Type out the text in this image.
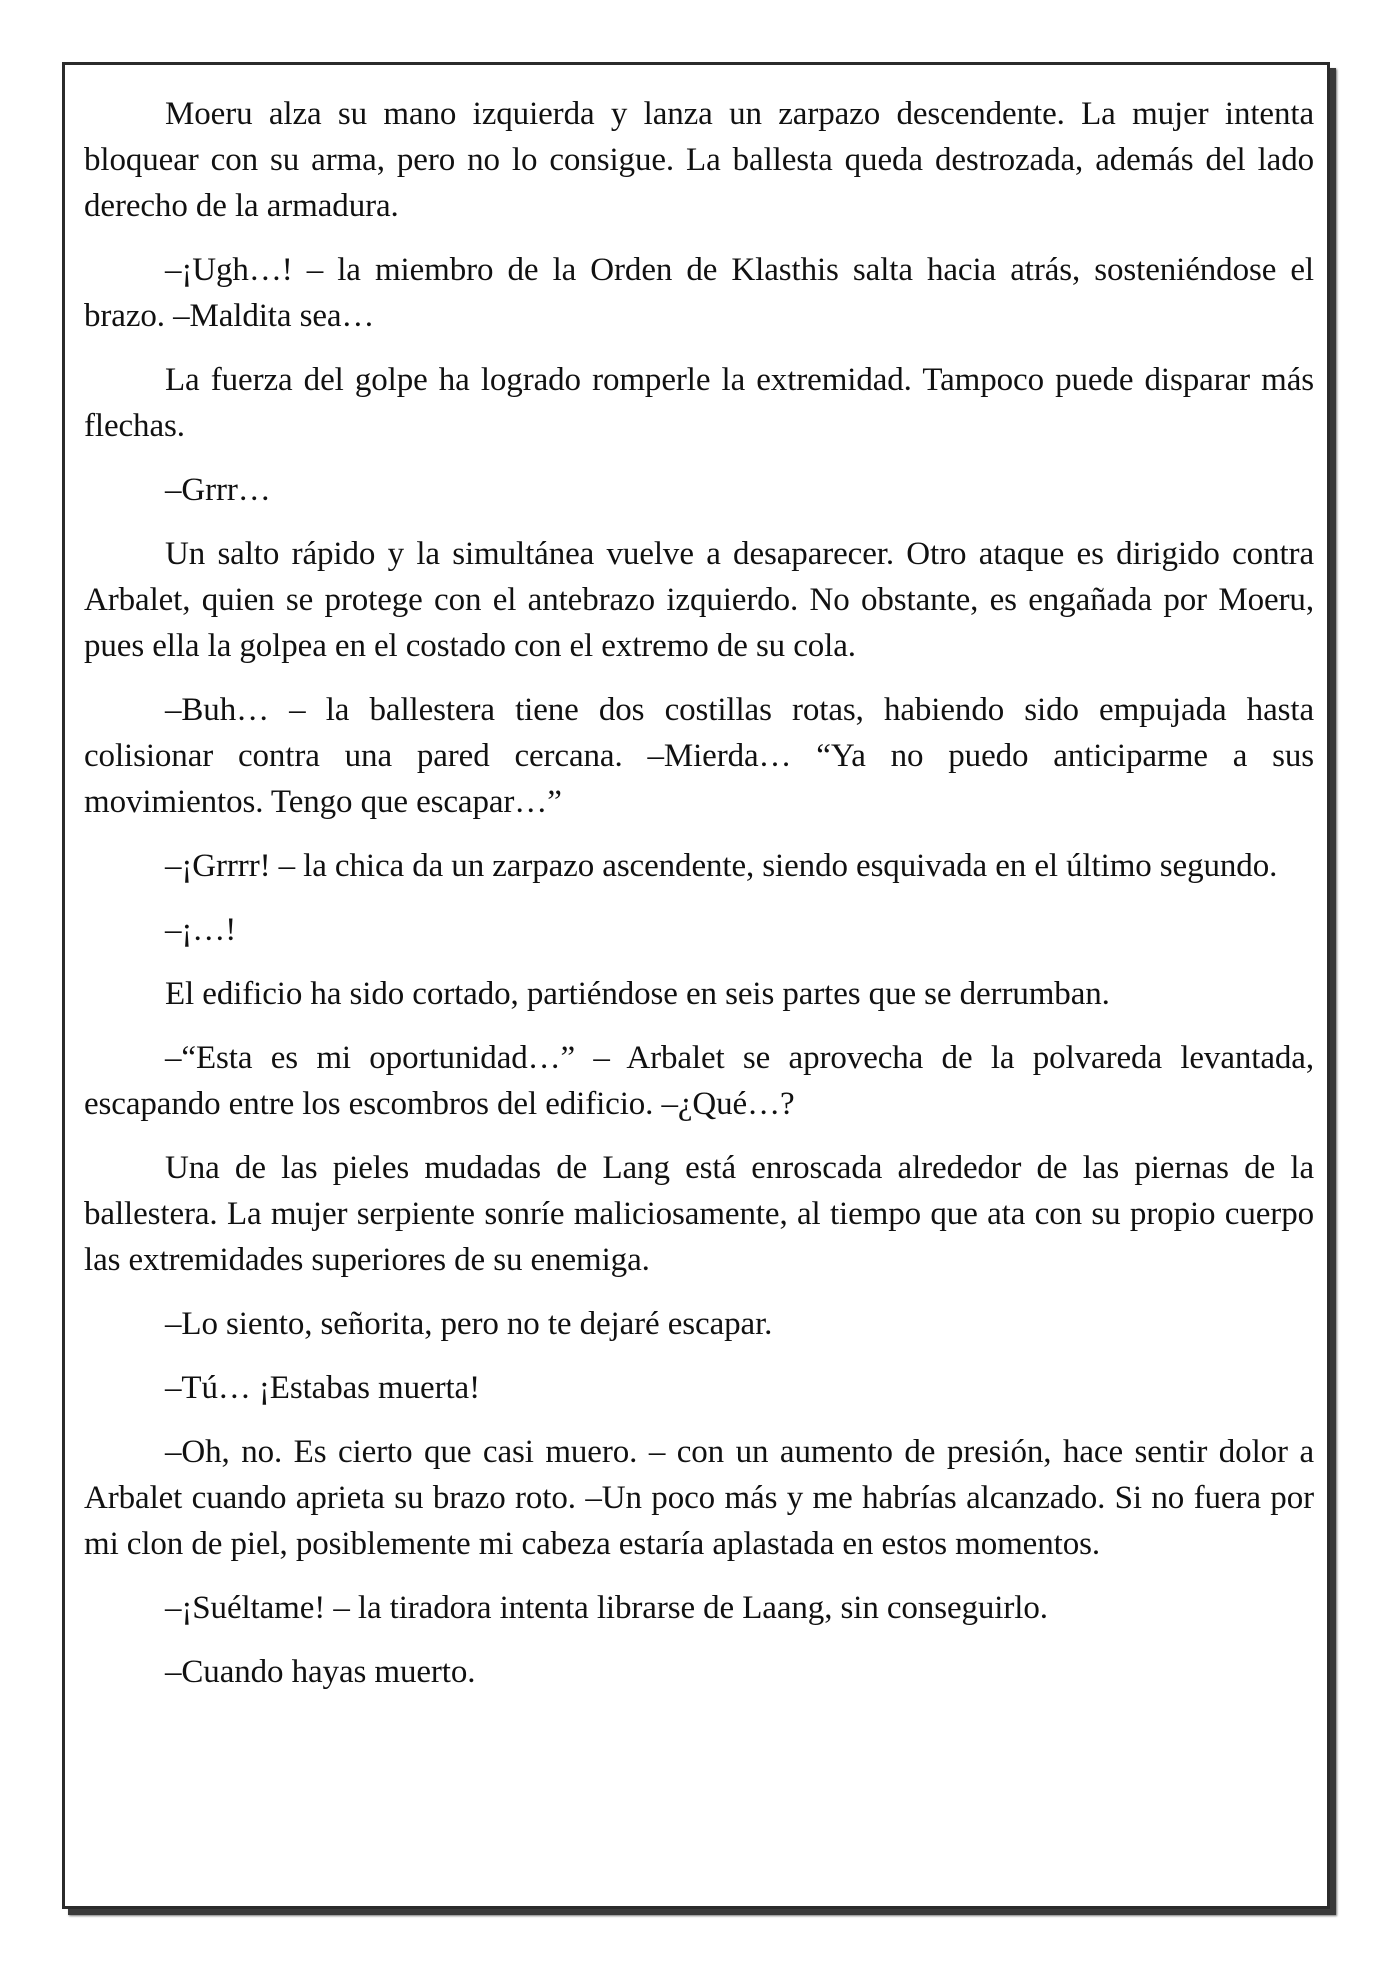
Moeru alza su mano izquierda y lanza un zarpazo descendente. La mujer intenta bloquear con su arma, pero no lo consigue. La ballesta queda destrozada, además del lado derecho de la armadura.

–¡Ugh…! – la miembro de la Orden de Klasthis salta hacia atrás, sosteniéndose el brazo. –Maldita sea…

La fuerza del golpe ha logrado romperle la extremidad. Tampoco puede disparar más flechas.

–Grrr…

Un salto rápido y la simultánea vuelve a desaparecer. Otro ataque es dirigido contra Arbalet, quien se protege con el antebrazo izquierdo. No obstante, es engañada por Moeru, pues ella la golpea en el costado con el extremo de su cola.

–Buh… – la ballestera tiene dos costillas rotas, habiendo sido empujada hasta colisionar contra una pared cercana. –Mierda… “Ya no puedo anticiparme a sus movimientos. Tengo que escapar…”

–¡Grrrr! – la chica da un zarpazo ascendente, siendo esquivada en el último segundo.

–¡…!

El edificio ha sido cortado, partiéndose en seis partes que se derrumban.

–“Esta es mi oportunidad…” – Arbalet se aprovecha de la polvareda levantada, escapando entre los escombros del edificio. –¿Qué…?

Una de las pieles mudadas de Lang está enroscada alrededor de las piernas de la ballestera. La mujer serpiente sonríe maliciosamente, al tiempo que ata con su propio cuerpo las extremidades superiores de su enemiga.

–Lo siento, señorita, pero no te dejaré escapar.

–Tú… ¡Estabas muerta!

–Oh, no. Es cierto que casi muero. – con un aumento de presión, hace sentir dolor a Arbalet cuando aprieta su brazo roto. –Un poco más y me habrías alcanzado. Si no fuera por mi clon de piel, posiblemente mi cabeza estaría aplastada en estos momentos.

–¡Suéltame! – la tiradora intenta librarse de Laang, sin conseguirlo.

–Cuando hayas muerto.
